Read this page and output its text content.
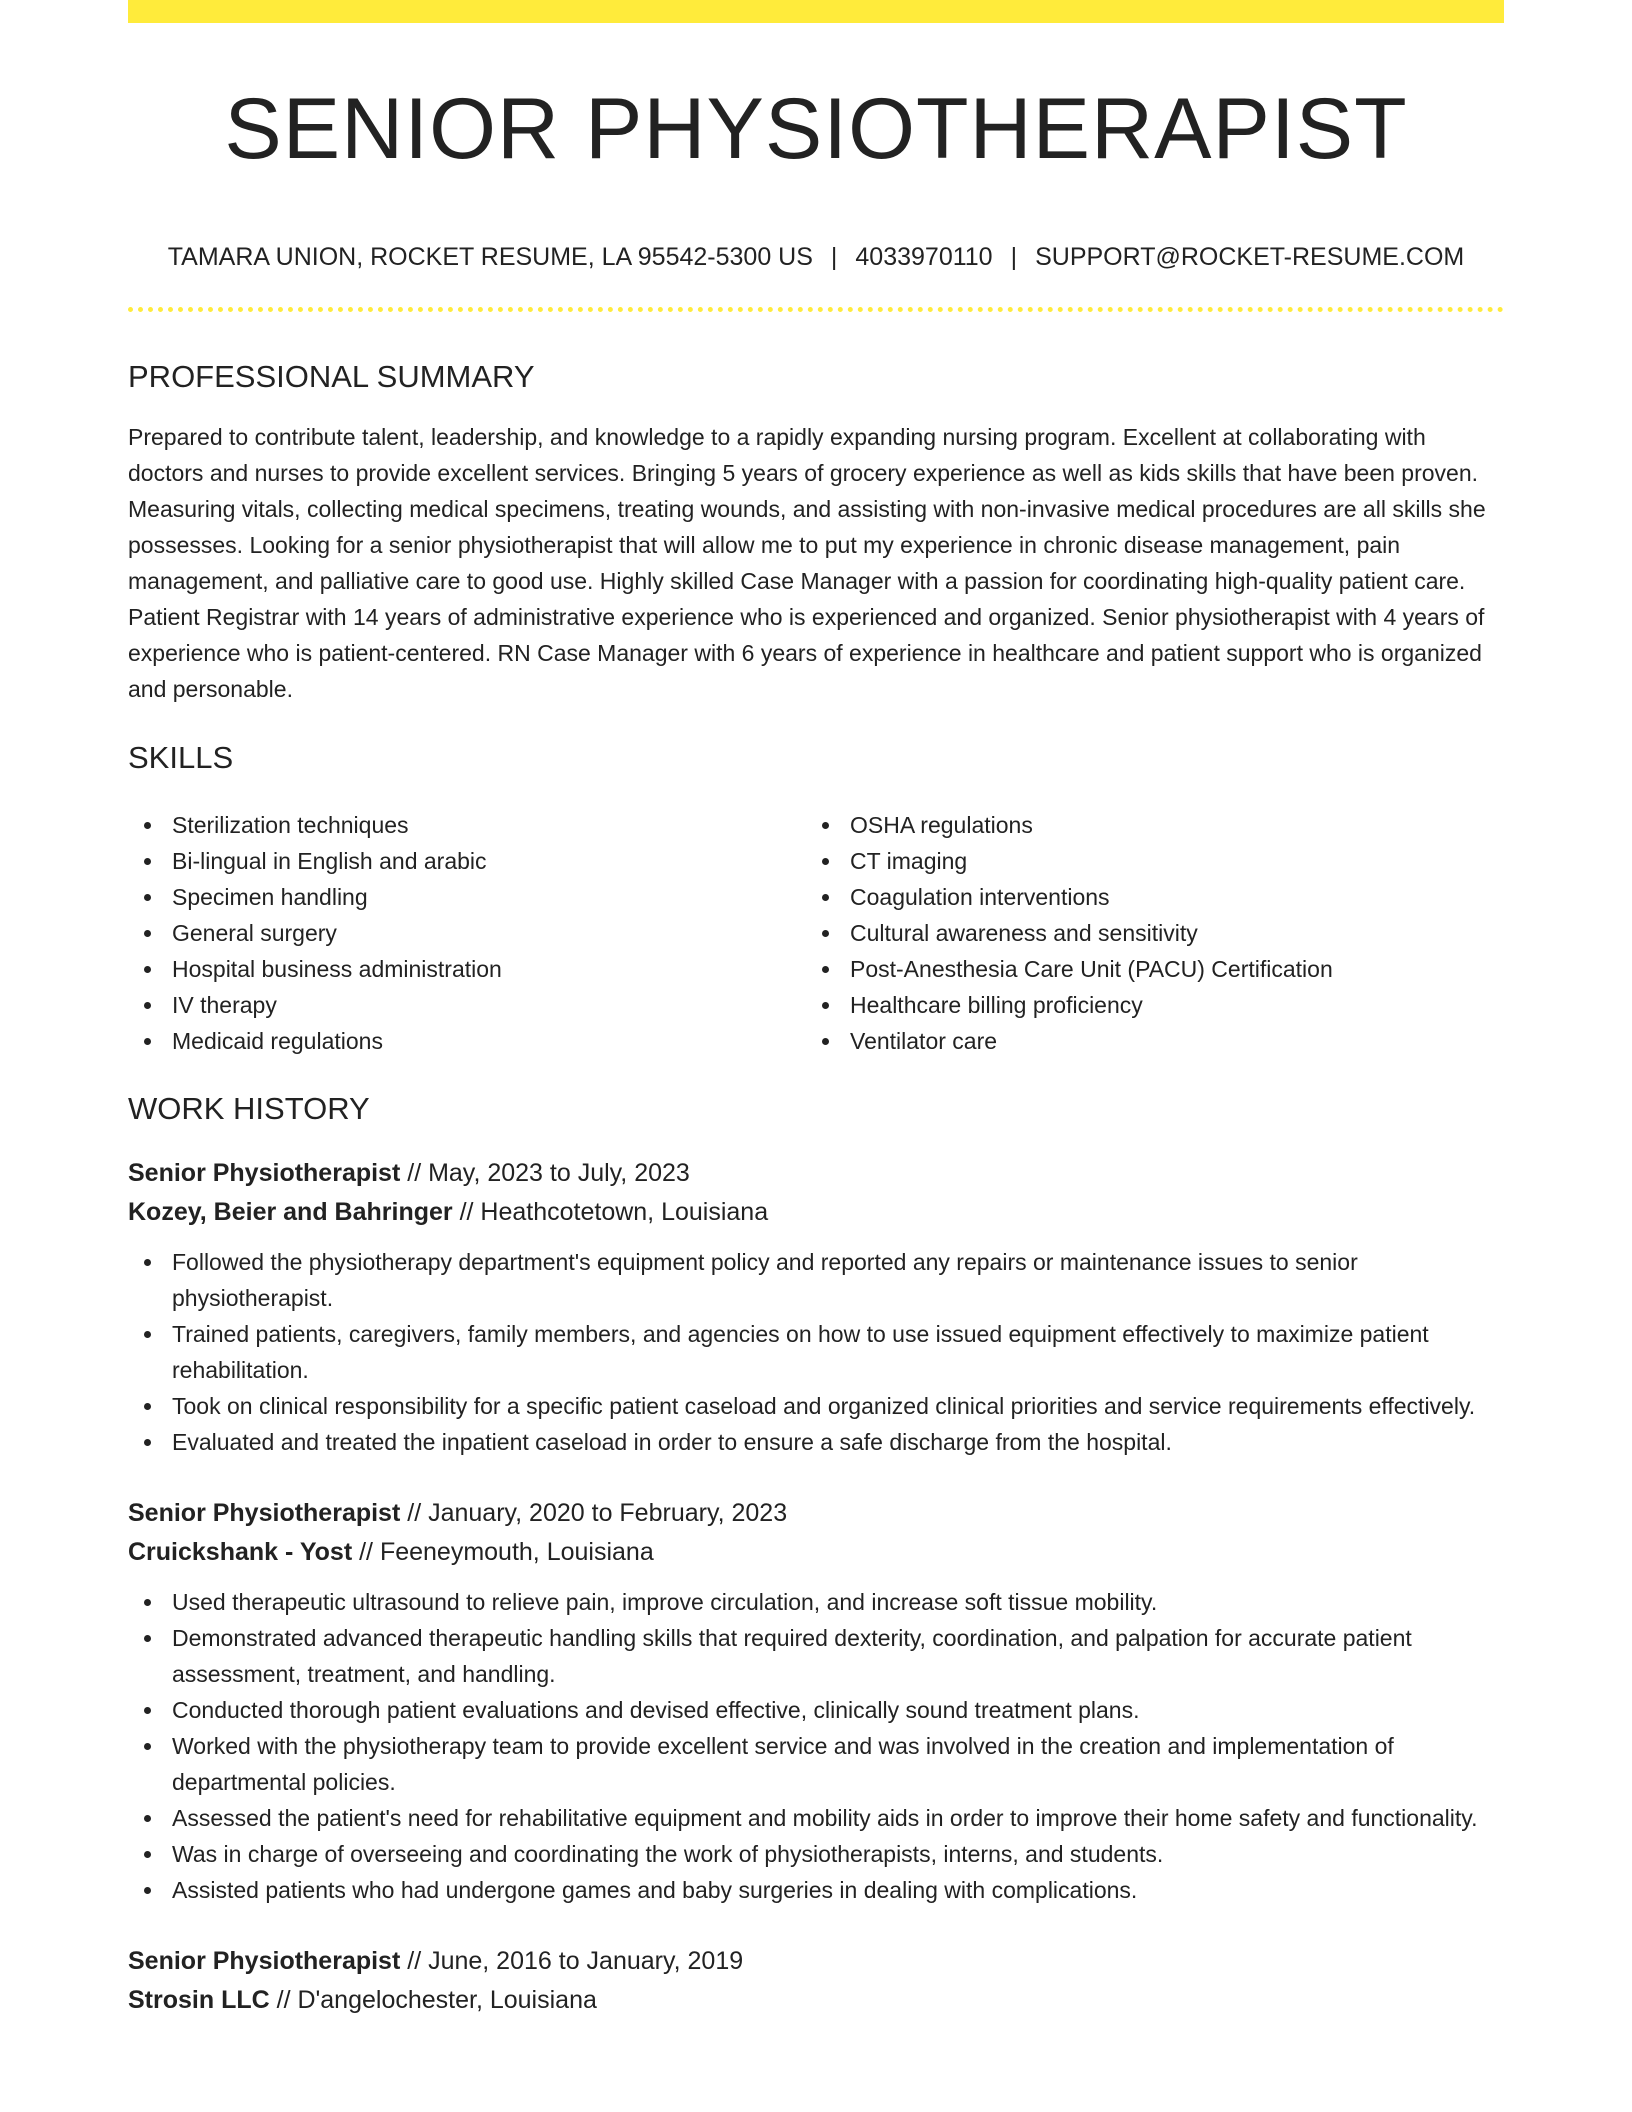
SENIOR PHYSIOTHERAPIST
TAMARA UNION, ROCKET RESUME, LA 95542-5300 US | 4033970110 | SUPPORT@ROCKET-RESUME.COM
PROFESSIONAL SUMMARY

Prepared to contribute talent, leadership, and knowledge to a rapidly expanding nursing program. Excellent at collaborating with doctors and nurses to provide excellent services. Bringing 5 years of grocery experience as well as kids skills that have been proven. Measuring vitals, collecting medical specimens, treating wounds, and assisting with non-invasive medical procedures are all skills she possesses. Looking for a senior physiotherapist that will allow me to put my experience in chronic disease management, pain management, and palliative care to good use. Highly skilled Case Manager with a passion for coordinating high-quality patient care. Patient Registrar with 14 years of administrative experience who is experienced and organized. Senior physiotherapist with 4 years of experience who is patient-centered. RN Case Manager with 6 years of experience in healthcare and patient support who is organized and personable.

SKILLS
Sterilization techniques
Bi-lingual in English and arabic
Specimen handling
General surgery
Hospital business administration
IV therapy
Medicaid regulations
OSHA regulations
CT imaging
Coagulation interventions
Cultural awareness and sensitivity
Post-Anesthesia Care Unit (PACU) Certification
Healthcare billing proficiency
Ventilator care
WORK HISTORY
Senior Physiotherapist // May, 2023 to July, 2023
Kozey, Beier and Bahringer // Heathcotetown, Louisiana
Followed the physiotherapy department's equipment policy and reported any repairs or maintenance issues to senior physiotherapist.
Trained patients, caregivers, family members, and agencies on how to use issued equipment effectively to maximize patient rehabilitation.
Took on clinical responsibility for a specific patient caseload and organized clinical priorities and service requirements effectively.
Evaluated and treated the inpatient caseload in order to ensure a safe discharge from the hospital.
Senior Physiotherapist // January, 2020 to February, 2023
Cruickshank - Yost // Feeneymouth, Louisiana
Used therapeutic ultrasound to relieve pain, improve circulation, and increase soft tissue mobility.
Demonstrated advanced therapeutic handling skills that required dexterity, coordination, and palpation for accurate patient assessment, treatment, and handling.
Conducted thorough patient evaluations and devised effective, clinically sound treatment plans.
Worked with the physiotherapy team to provide excellent service and was involved in the creation and implementation of departmental policies.
Assessed the patient's need for rehabilitative equipment and mobility aids in order to improve their home safety and functionality.
Was in charge of overseeing and coordinating the work of physiotherapists, interns, and students.
Assisted patients who had undergone games and baby surgeries in dealing with complications.
Senior Physiotherapist // June, 2016 to January, 2019
Strosin LLC // D'angelochester, Louisiana
